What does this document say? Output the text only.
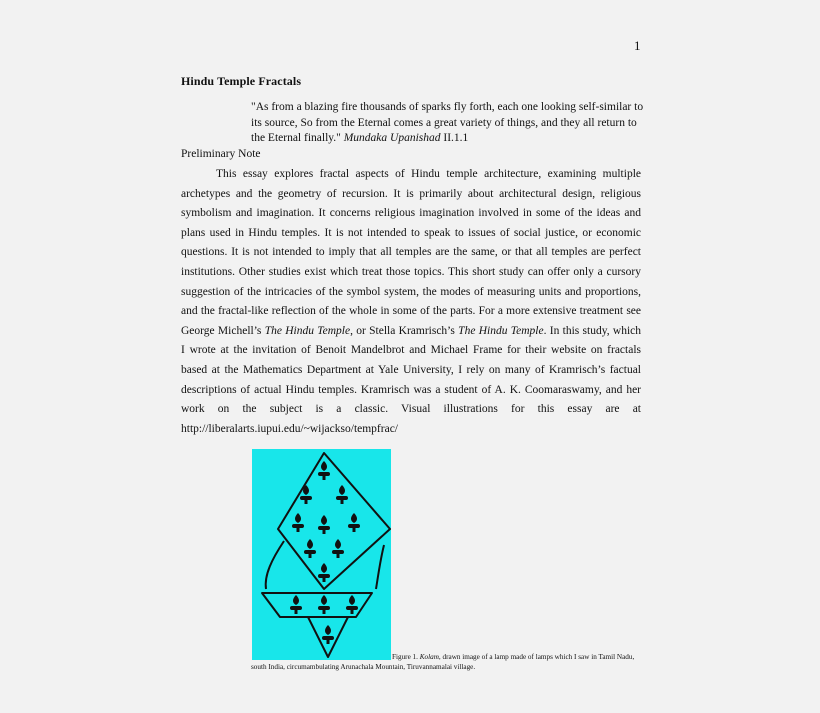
1
Hindu Temple Fractals
"As from a blazing fire thousands of sparks fly forth, each one looking self-similar to its source, So from the Eternal comes a great variety of things, and they all return to the Eternal finally." Mundaka Upanishad II.1.1
Preliminary Note

This essay explores fractal aspects of Hindu temple architecture, examining multiple archetypes and the geometry of recursion. It is primarily about architectural design, religious symbolism and imagination. It concerns religious imagination involved in some of the ideas and plans used in Hindu temples. It is not intended to speak to issues of social justice, or economic questions. It is not intended to imply that all temples are the same, or that all temples are perfect institutions. Other studies exist which treat those topics. This short study can offer only a cursory suggestion of the intricacies of the symbol system, the modes of measuring units and proportions, and the fractal-like reflection of the whole in some of the parts. For a more extensive treatment see George Michell’s The Hindu Temple, or Stella Kramrisch’s The Hindu Temple. In this study, which I wrote at the invitation of Benoit Mandelbrot and Michael Frame for their website on fractals based at the Mathematics Department at Yale University, I rely on many of Kramrisch’s factual descriptions of actual Hindu temples. Kramrisch was a student of A. K. Coomaraswamy, and her work on the subject is a classic. Visual illustrations for this essay are at http://liberalarts.iupui.edu/~wijackso/tempfrac/

Figure 1. Kolam, drawn image of a lamp made of lamps which I saw in Tamil Nadu, south India, circumambulating Arunachala Mountain, Tiruvannamalai village.
